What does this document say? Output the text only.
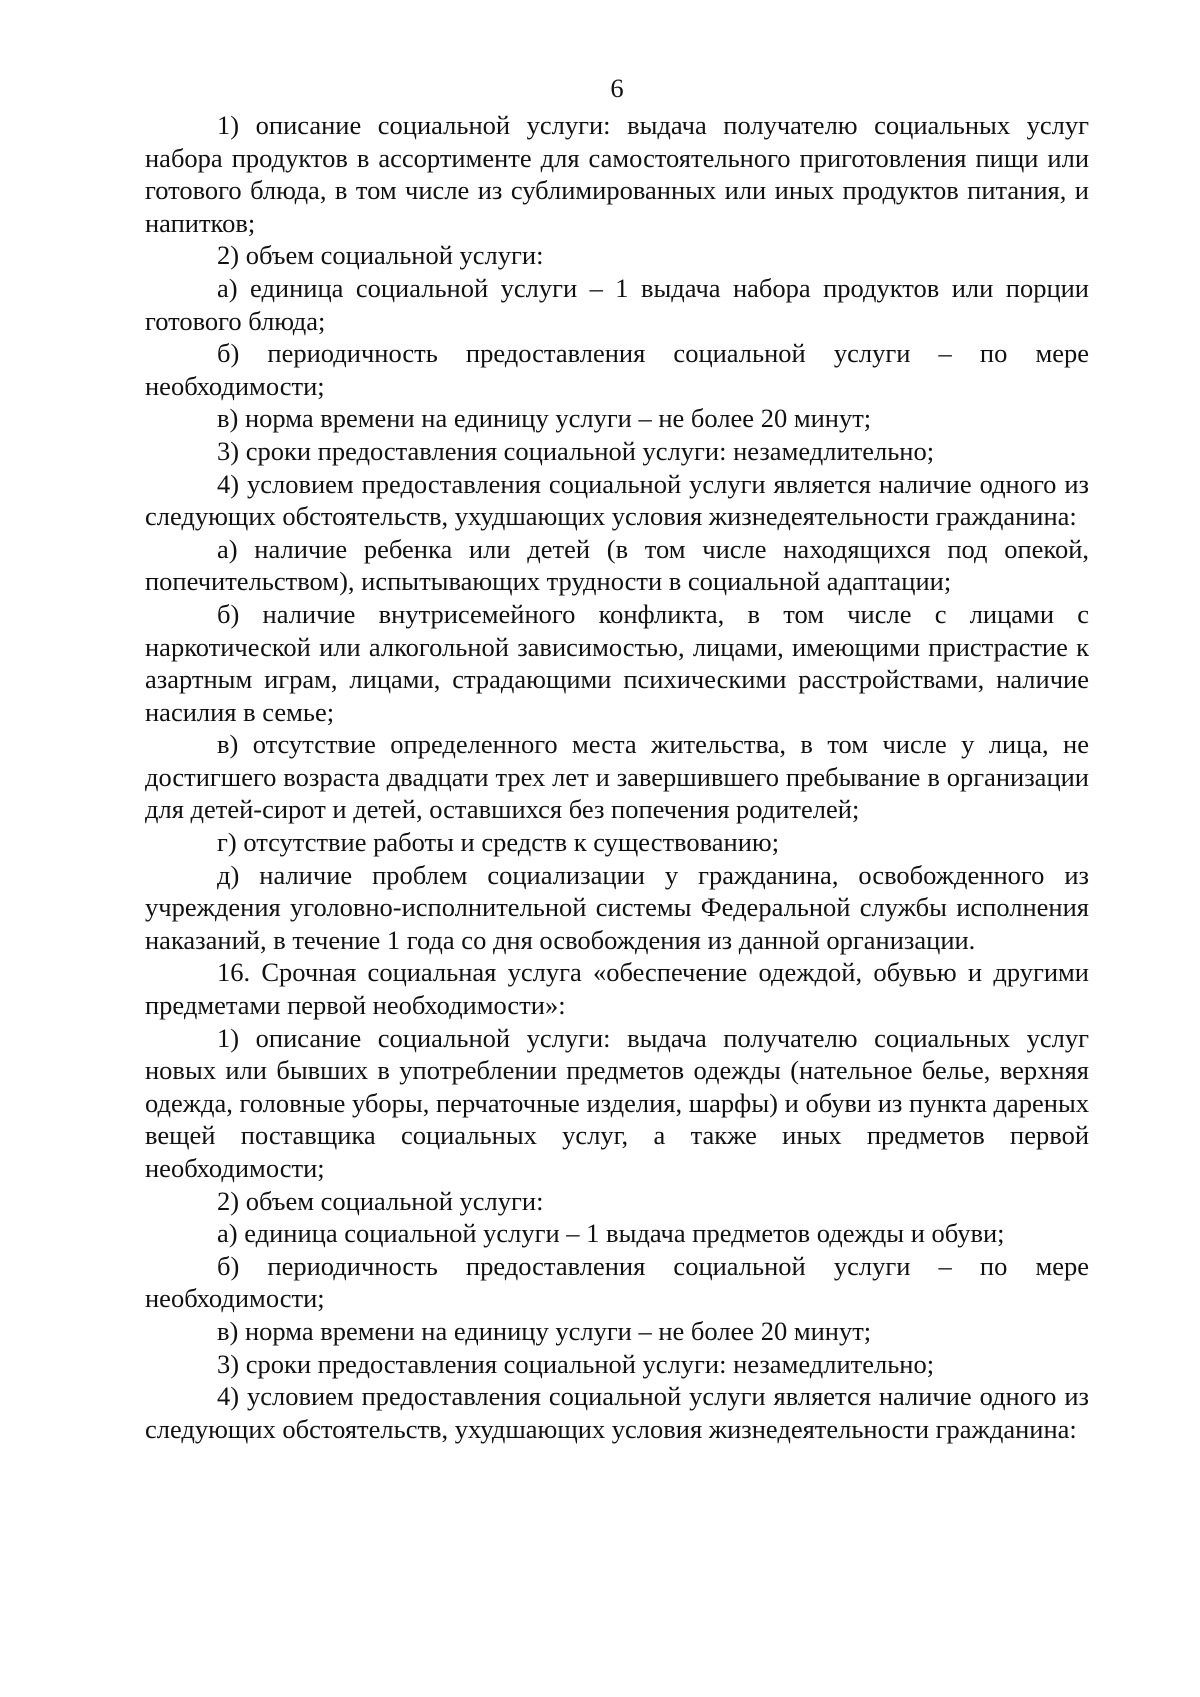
6

1) описание социальной услуги: выдача получателю социальных услуг набора продуктов в ассортименте для самостоятельного приготовления пищи или готового блюда, в том числе из сублимированных или иных продуктов питания, и напитков;

2) объем социальной услуги:

а) единица социальной услуги – 1 выдача набора продуктов или порции готового блюда;

б) периодичность предоставления социальной услуги – по мере необходимости;

в) норма времени на единицу услуги – не более 20 минут;

3) сроки предоставления социальной услуги: незамедлительно;

4) условием предоставления социальной услуги является наличие одного из следующих обстоятельств, ухудшающих условия жизнедеятельности гражданина:

а) наличие ребенка или детей (в том числе находящихся под опекой, попечительством), испытывающих трудности в социальной адаптации;

б) наличие внутрисемейного конфликта, в том числе с лицами с наркотической или алкогольной зависимостью, лицами, имеющими пристрастие к азартным играм, лицами, страдающими психическими расстройствами, наличие насилия в семье;

в) отсутствие определенного места жительства, в том числе у лица, не достигшего возраста двадцати трех лет и завершившего пребывание в организации для детей-сирот и детей, оставшихся без попечения родителей;

г) отсутствие работы и средств к существованию;

д) наличие проблем социализации у гражданина, освобожденного из учреждения уголовно-исполнительной системы Федеральной службы исполнения наказаний, в течение 1 года со дня освобождения из данной организации.

16. Срочная социальная услуга «обеспечение одеждой, обувью и другими предметами первой необходимости»:

1) описание социальной услуги: выдача получателю социальных услуг новых или бывших в употреблении предметов одежды (нательное белье, верхняя одежда, головные уборы, перчаточные изделия, шарфы) и обуви из пункта дареных вещей поставщика социальных услуг, а также иных предметов первой необходимости;

2) объем социальной услуги:

а) единица социальной услуги – 1 выдача предметов одежды и обуви;

б) периодичность предоставления социальной услуги – по мере необходимости;

в) норма времени на единицу услуги – не более 20 минут;

3) сроки предоставления социальной услуги: незамедлительно;

4) условием предоставления социальной услуги является наличие одного из следующих обстоятельств, ухудшающих условия жизнедеятельности гражданина:
